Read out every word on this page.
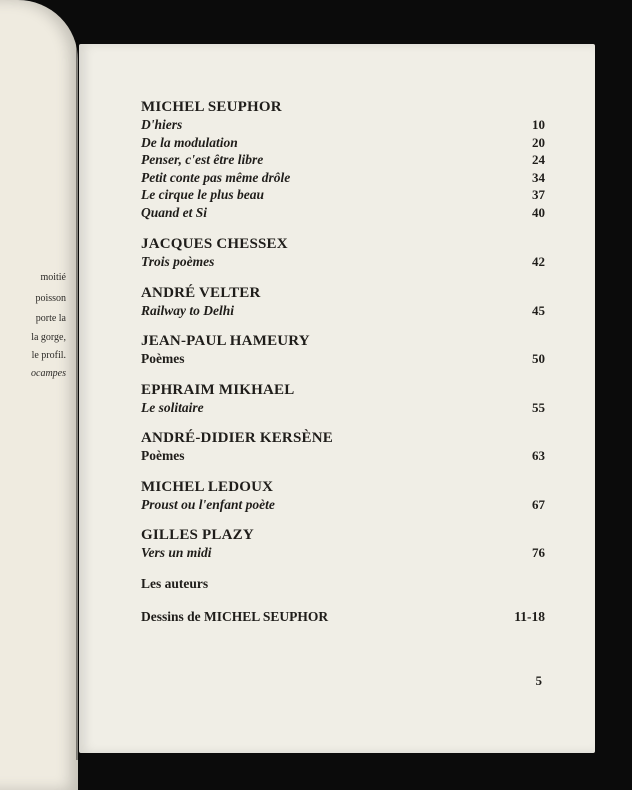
moitié
poisson
porte la
la gorge,
le profil.
ocampes
MICHEL SEUPHOR
D'hiers	10
De la modulation	20
Penser, c'est être libre	24
Petit conte pas même drôle	34
Le cirque le plus beau	37
Quand et Si	40
JACQUES CHESSEX
Trois poèmes	42
ANDRÉ VELTER
Railway to Delhi	45
JEAN-PAUL HAMEURY
Poèmes	50
EPHRAIM MIKHAEL
Le solitaire	55
ANDRÉ-DIDIER KERSÈNE
Poèmes	63
MICHEL LEDOUX
Proust ou l'enfant poète	67
GILLES PLAZY
Vers un midi	76
Les auteurs
Dessins de MICHEL SEUPHOR	11-18
5
